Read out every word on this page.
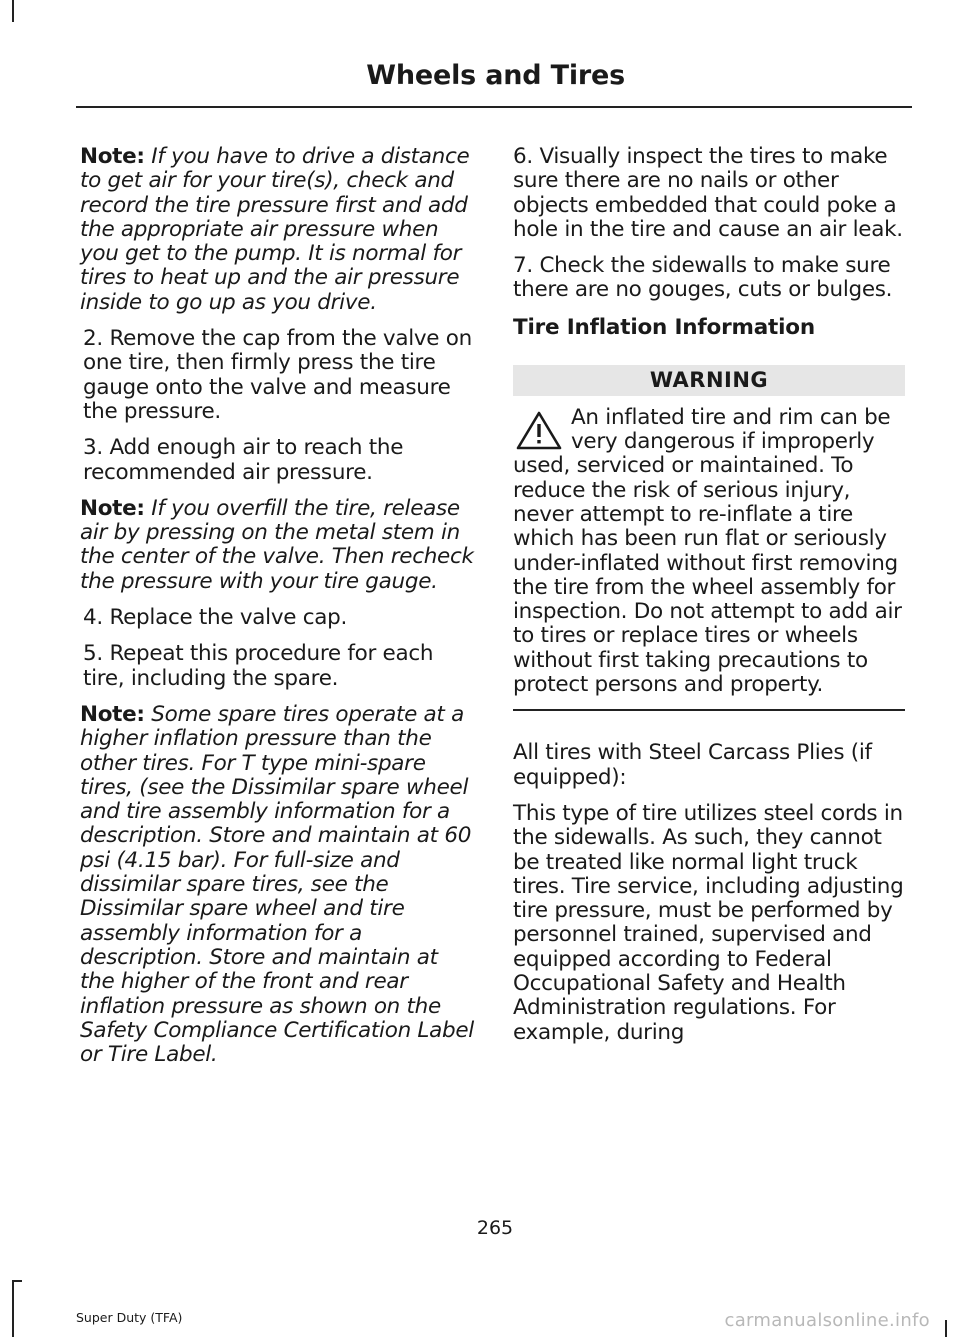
Wheels and Tires

Note: If you have to drive a distance to get air for your tire(s), check and record the tire pressure first and add the appropriate air pressure when you get to the pump. It is normal for tires to heat up and the air pressure inside to go up as you drive.

2. Remove the cap from the valve on one tire, then firmly press the tire gauge onto the valve and measure the pressure.

3. Add enough air to reach the recommended air pressure.

Note: If you overfill the tire, release air by pressing on the metal stem in the center of the valve. Then recheck the pressure with your tire gauge.

4. Replace the valve cap.

5. Repeat this procedure for each tire, including the spare.

Note: Some spare tires operate at a higher inflation pressure than the other tires. For T type mini-spare tires, (see the Dissimilar spare wheel and tire assembly information for a description. Store and maintain at 60 psi (4.15 bar). For full-size and dissimilar spare tires, see the Dissimilar spare wheel and tire assembly information for a description. Store and maintain at the higher of the front and rear inflation pressure as shown on the Safety Compliance Certification Label or Tire Label.

6. Visually inspect the tires to make sure there are no nails or other objects embedded that could poke a hole in the tire and cause an air leak.

7. Check the sidewalls to make sure there are no gouges, cuts or bulges.

Tire Inflation Information
WARNING

An inflated tire and rim can be very dangerous if improperly used, serviced or maintained. To reduce the risk of serious injury, never attempt to re-inflate a tire which has been run flat or seriously under-inflated without first removing the tire from the wheel assembly for inspection. Do not attempt to add air to tires or replace tires or wheels without first taking precautions to protect persons and property.

All tires with Steel Carcass Plies (if equipped):

This type of tire utilizes steel cords in the sidewalls. As such, they cannot be treated like normal light truck tires. Tire service, including adjusting tire pressure, must be performed by personnel trained, supervised and equipped according to Federal Occupational Safety and Health Administration regulations. For example, during

265
Super Duty (TFA)	carmanualsonline.info
